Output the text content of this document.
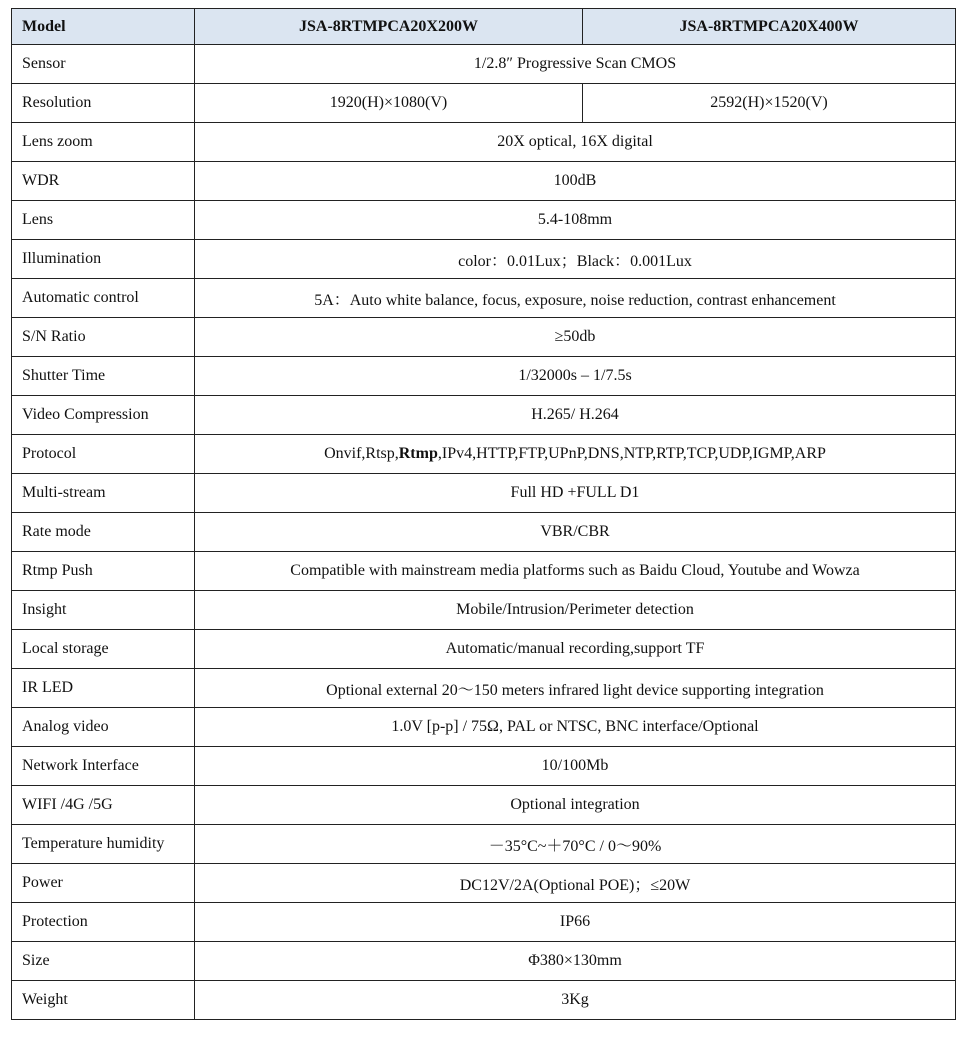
Model	JSA-8RTMPCA20X200W	JSA-8RTMPCA20X400W
Sensor	1/2.8″ Progressive Scan CMOS	
Resolution	1920(H)×1080(V)	2592(H)×1520(V)
Lens zoom	20X optical, 16X digital	
WDR	100dB	
Lens	5.4-108mm	
Illumination	color：0.01Lux；Black：0.001Lux	
Automatic control	5A：Auto white balance, focus, exposure, noise reduction, contrast enhancement	
S/N Ratio	≥50db	
Shutter Time	1/32000s – 1/7.5s	
Video Compression	H.265/ H.264	
Protocol	Onvif,Rtsp,Rtmp,IPv4,HTTP,FTP,UPnP,DNS,NTP,RTP,TCP,UDP,IGMP,ARP	
Multi-stream	Full HD +FULL D1	
Rate mode	VBR/CBR	
Rtmp Push	Compatible with mainstream media platforms such as Baidu Cloud, Youtube and Wowza	
Insight	Mobile/Intrusion/Perimeter detection	
Local storage	Automatic/manual recording,support TF	
IR LED	Optional external 20～150 meters infrared light device supporting integration	
Analog video	1.0V [p-p] / 75Ω, PAL or NTSC, BNC interface/Optional	
Network Interface	10/100Mb	
WIFI /4G /5G	Optional integration	
Temperature humidity	－35°C~＋70°C / 0～90%	
Power	DC12V/2A(Optional POE)；≤20W	
Protection	IP66	
Size	Φ380×130mm	
Weight	3Kg	
